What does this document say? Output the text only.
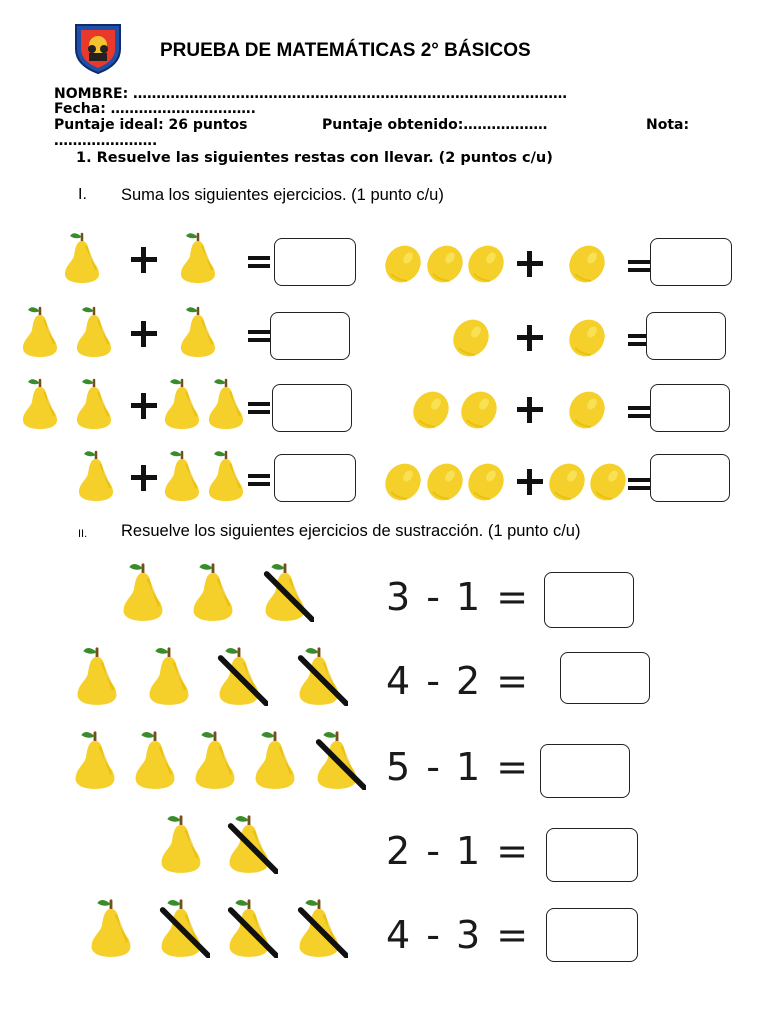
PRUEBA DE MATEMÁTICAS 2° BÁSICOS
NOMBRE: …………………………………………………………………………………
Fecha: ………………………….
Puntaje ideal: 26 puntos	Puntaje obtenido:………………	Nota:
………………….
1. Resuelve las siguientes restas con llevar. (2 puntos c/u)
I. Suma los siguientes ejercicios. (1 punto c/u)
II. Resuelve los siguientes ejercicios de sustracción. (1 punto c/u)
3 - 1 =
4 - 2 =
5 - 1 =
2 - 1 =
4 - 3 =
